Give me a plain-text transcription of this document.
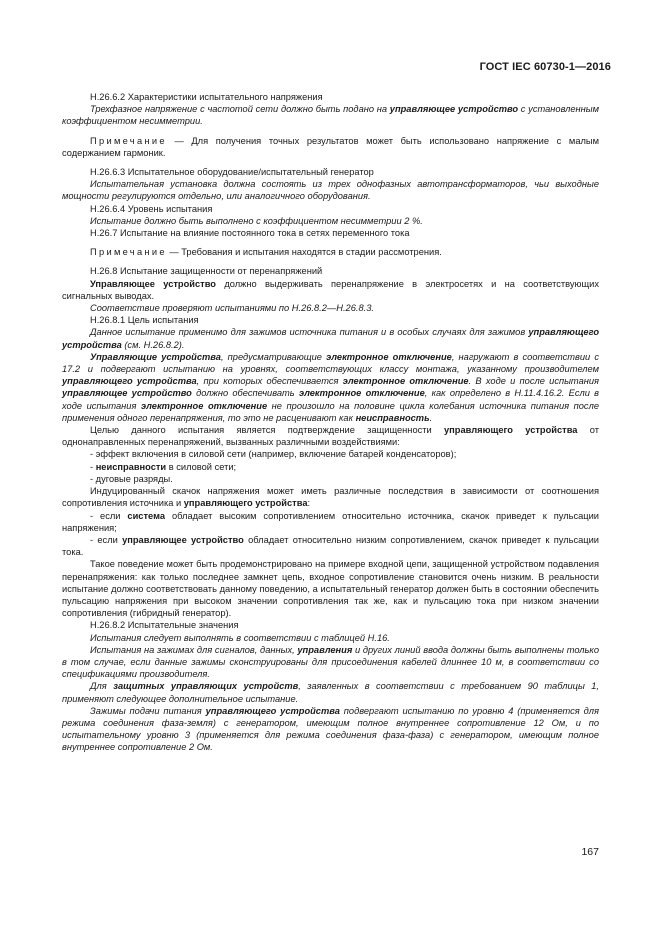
ГОСТ IEC 60730-1—2016

H.26.6.2 Характеристики испытательного напряжения

Трехфазное напряжение с частотой сети должно быть подано на управляющее устройство с установленным коэффициентом несимметрии.

Примечание — Для получения точных результатов может быть использовано напряжение с малым содержанием гармоник.

H.26.6.3 Испытательное оборудование/испытательный генератор

Испытательная установка должна состоять из трех однофазных автотрансформаторов, чьи выходные мощности регулируются отдельно, или аналогичного оборудования.

H.26.6.4 Уровень испытания

Испытание должно быть выполнено с коэффициентом несимметрии 2 %.

H.26.7 Испытание на влияние постоянного тока в сетях переменного тока

Примечание — Требования и испытания находятся в стадии рассмотрения.

H.26.8 Испытание защищенности от перенапряжений

Управляющее устройство должно выдерживать перенапряжение в электросетях и на соответствующих сигнальных выводах.

Соответствие проверяют испытаниями по H.26.8.2—H.26.8.3.

H.26.8.1 Цель испытания

Данное испытание применимо для зажимов источника питания и в особых случаях для зажимов управляющего устройства (см. H.26.8.2).

Управляющие устройства, предусматривающие электронное отключение, нагружают в соответствии с 17.2 и подвергают испытанию на уровнях, соответствующих классу монтажа, указанному производителем управляющего устройства, при которых обеспечивается электронное отключение. В ходе и после испытания управляющее устройство должно обеспечивать электронное отключение, как определено в H.11.4.16.2. Если в ходе испытания электронное отключение не произошло на половине цикла колебания источника питания после применения одного перенапряжения, то это не расценивают как неисправность.

Целью данного испытания является подтверждение защищенности управляющего устройства от однонаправленных перенапряжений, вызванных различными воздействиями:

- эффект включения в силовой сети (например, включение батарей конденсаторов);

- неисправности в силовой сети;

- дуговые разряды.

Индуцированный скачок напряжения может иметь различные последствия в зависимости от соотношения сопротивления источника и управляющего устройства:

- если система обладает высоким сопротивлением относительно источника, скачок приведет к пульсации напряжения;

- если управляющее устройство обладает относительно низким сопротивлением, скачок приведет к пульсации тока.

Такое поведение может быть продемонстрировано на примере входной цепи, защищенной устройством подавления перенапряжения: как только последнее замкнет цепь, входное сопротивление становится очень низким. В реальности испытание должно соответствовать данному поведению, а испытательный генератор должен быть в состоянии обеспечить пульсацию напряжения при высоком значении сопротивления так же, как и пульсацию тока при низком значении сопротивления (гибридный генератор).

H.26.8.2 Испытательные значения

Испытания следует выполнять в соответствии с таблицей H.16.

Испытания на зажимах для сигналов, данных, управления и других линий ввода должны быть выполнены только в том случае, если данные зажимы сконструированы для присоединения кабелей длиннее 10 м, в соответствии со спецификациями производителя.

Для защитных управляющих устройств, заявленных в соответствии с требованием 90 таблицы 1, применяют следующее дополнительное испытание.

Зажимы подачи питания управляющего устройства подвергают испытанию по уровню 4 (применяется для режима соединения фаза-земля) с генератором, имеющим полное внутреннее сопротивление 12 Ом, и по испытательному уровню 3 (применяется для режима соединения фаза-фаза) с генератором, имеющим полное внутреннее сопротивление 2 Ом.

167
